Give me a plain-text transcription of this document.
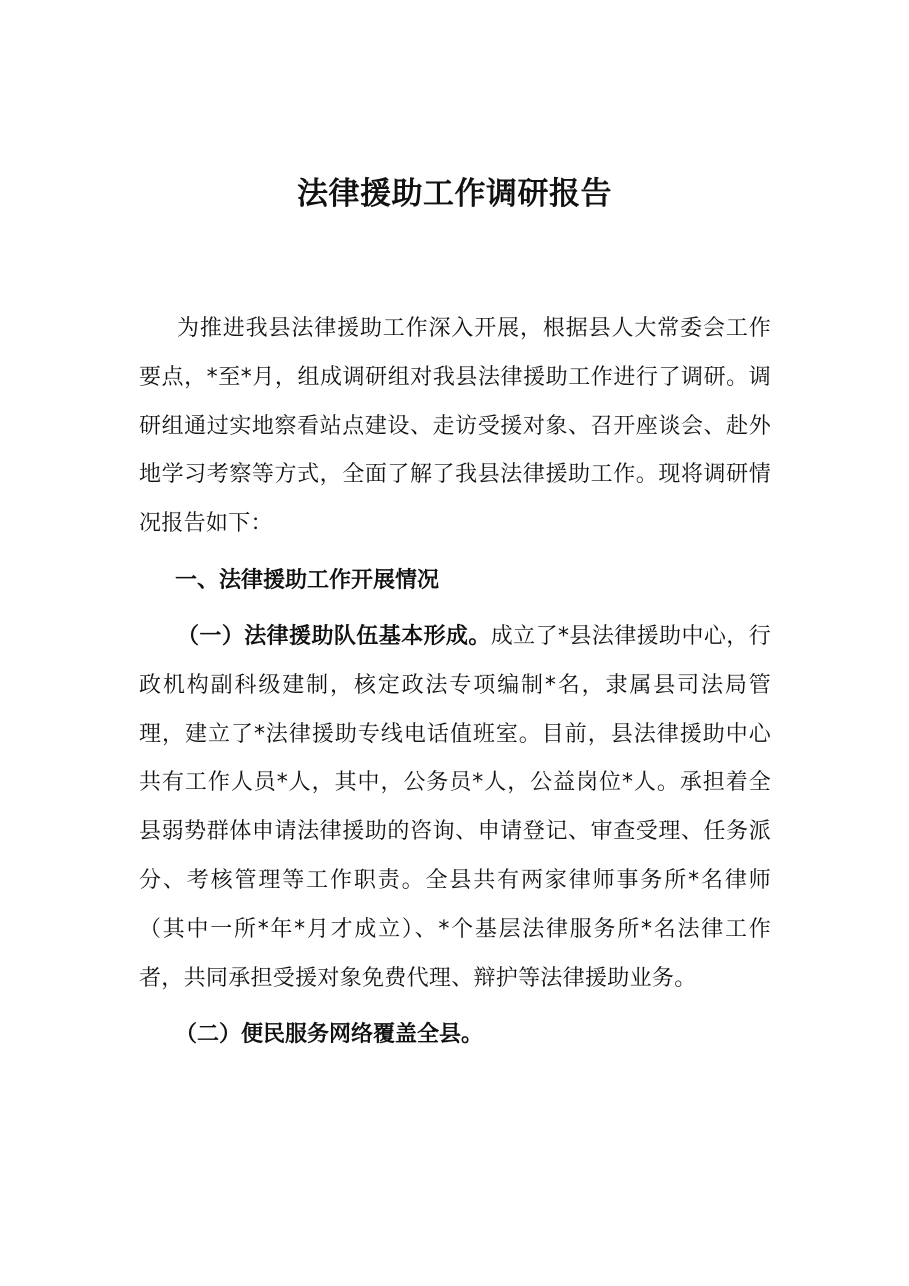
法律援助工作调研报告

为推进我县法律援助工作深入开展，根据县人大常委会工作要点，*至*月，组成调研组对我县法律援助工作进行了调研。调研组通过实地察看站点建设、走访受援对象、召开座谈会、赴外地学习考察等方式，全面了解了我县法律援助工作。现将调研情况报告如下：

一、法律援助工作开展情况

（一）法律援助队伍基本形成。成立了*县法律援助中心，行政机构副科级建制，核定政法专项编制*名，隶属县司法局管理，建立了*法律援助专线电话值班室。目前，县法律援助中心共有工作人员*人，其中，公务员*人，公益岗位*人。承担着全县弱势群体申请法律援助的咨询、申请登记、审查受理、任务派分、考核管理等工作职责。全县共有两家律师事务所*名律师（其中一所*年*月才成立）、*个基层法律服务所*名法律工作者，共同承担受援对象免费代理、辩护等法律援助业务。

（二）便民服务网络覆盖全县。
